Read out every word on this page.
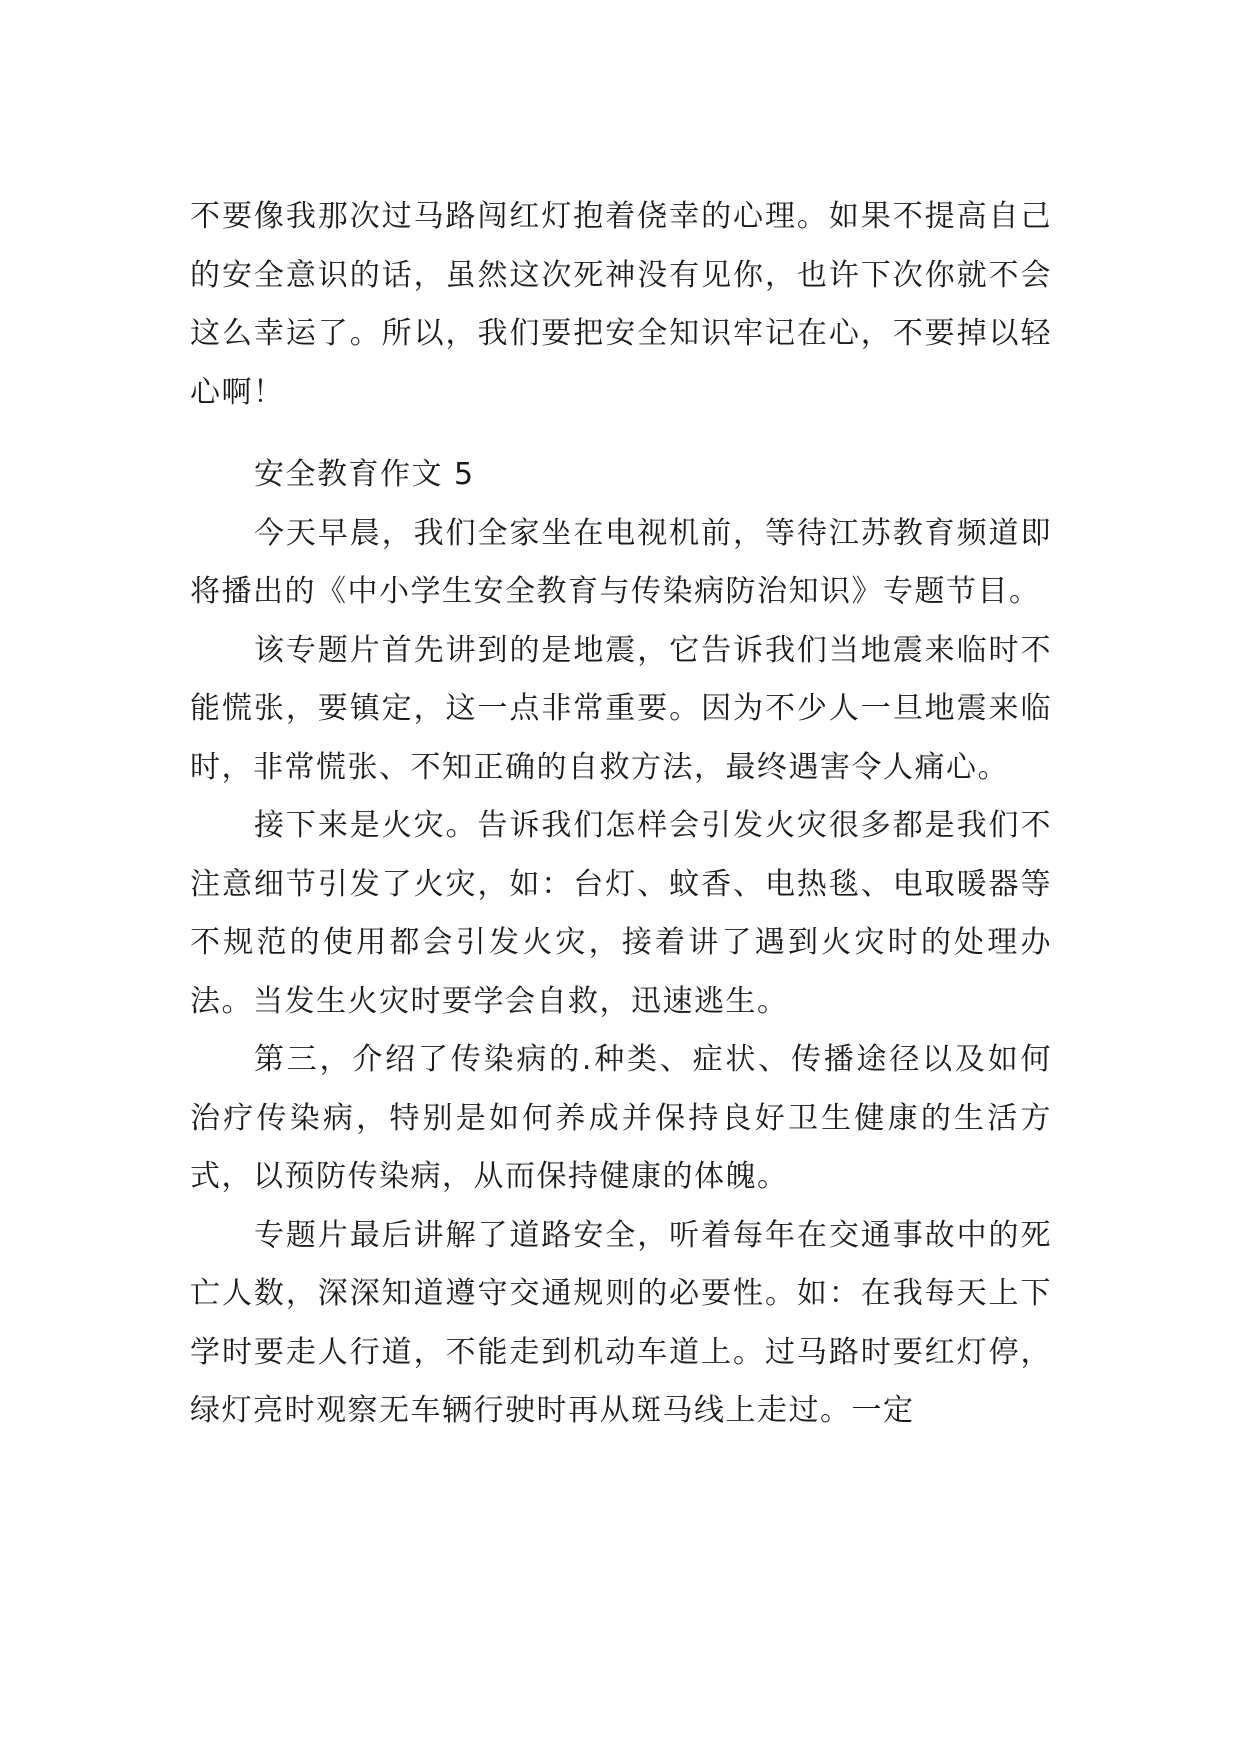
不要像我那次过马路闯红灯抱着侥幸的心理。如果不提高自己的安全意识的话，虽然这次死神没有见你，也许下次你就不会这么幸运了。所以，我们要把安全知识牢记在心，不要掉以轻心啊！

安全教育作文 5

今天早晨，我们全家坐在电视机前，等待江苏教育频道即将播出的《中小学生安全教育与传染病防治知识》专题节目。

该专题片首先讲到的是地震，它告诉我们当地震来临时不能慌张，要镇定，这一点非常重要。因为不少人一旦地震来临时，非常慌张、不知正确的自救方法，最终遇害令人痛心。

接下来是火灾。告诉我们怎样会引发火灾很多都是我们不注意细节引发了火灾，如：台灯、蚊香、电热毯、电取暖器等不规范的使用都会引发火灾，接着讲了遇到火灾时的处理办法。当发生火灾时要学会自救，迅速逃生。

第三，介绍了传染病的.种类、症状、传播途径以及如何治疗传染病，特别是如何养成并保持良好卫生健康的生活方式，以预防传染病，从而保持健康的体魄。

专题片最后讲解了道路安全，听着每年在交通事故中的死亡人数，深深知道遵守交通规则的必要性。如：在我每天上下学时要走人行道，不能走到机动车道上。过马路时要红灯停，绿灯亮时观察无车辆行驶时再从斑马线上走过。一定
